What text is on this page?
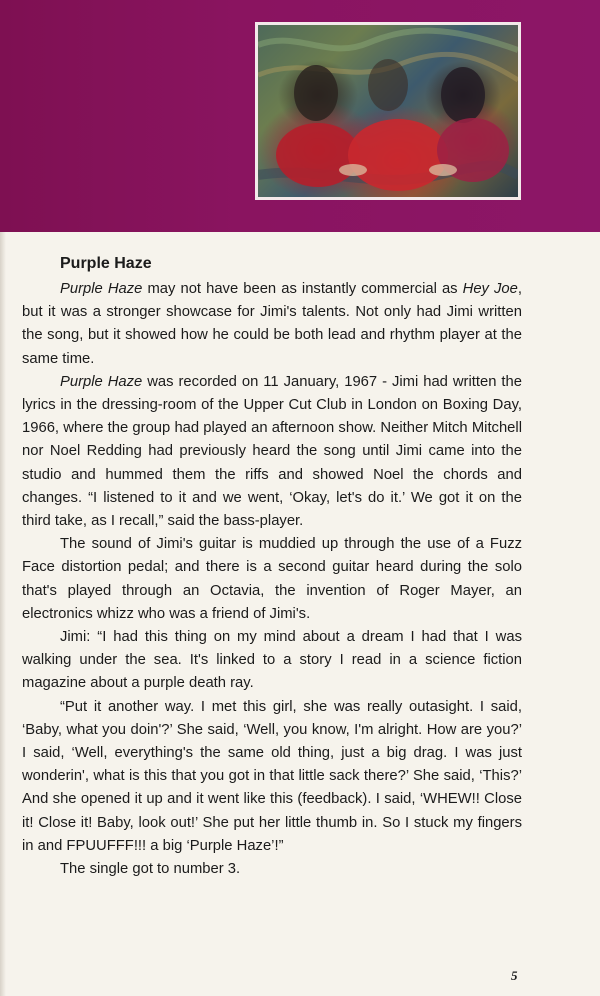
Purple Haze

Purple Haze may not have been as instantly commercial as Hey Joe, but it was a stronger showcase for Jimi's talents. Not only had Jimi written the song, but it showed how he could be both lead and rhythm player at the same time.

Purple Haze was recorded on 11 January, 1967 - Jimi had written the lyrics in the dressing-room of the Upper Cut Club in London on Boxing Day, 1966, where the group had played an afternoon show. Neither Mitch Mitchell nor Noel Redding had previously heard the song until Jimi came into the studio and hummed them the riffs and showed Noel the chords and changes. “I listened to it and we went, ‘Okay, let's do it.’ We got it on the third take, as I recall,” said the bass-player.

The sound of Jimi's guitar is muddied up through the use of a Fuzz Face distortion pedal; and there is a second guitar heard during the solo that's played through an Octavia, the invention of Roger Mayer, an electronics whizz who was a friend of Jimi's.

Jimi: “I had this thing on my mind about a dream I had that I was walking under the sea. It's linked to a story I read in a science fiction magazine about a purple death ray.

“Put it another way. I met this girl, she was really outasight. I said, ‘Baby, what you doin'?’ She said, ‘Well, you know, I'm alright. How are you?’ I said, ‘Well, everything's the same old thing, just a big drag. I was just wonderin', what is this that you got in that little sack there?’ She said, ‘This?’ And she opened it up and it went like this (feedback). I said, ‘WHEW!! Close it! Close it! Baby, look out!’ She put her little thumb in. So I stuck my fingers in and FPUUFFF!!! a big ‘Purple Haze’!”

The single got to number 3.

5
